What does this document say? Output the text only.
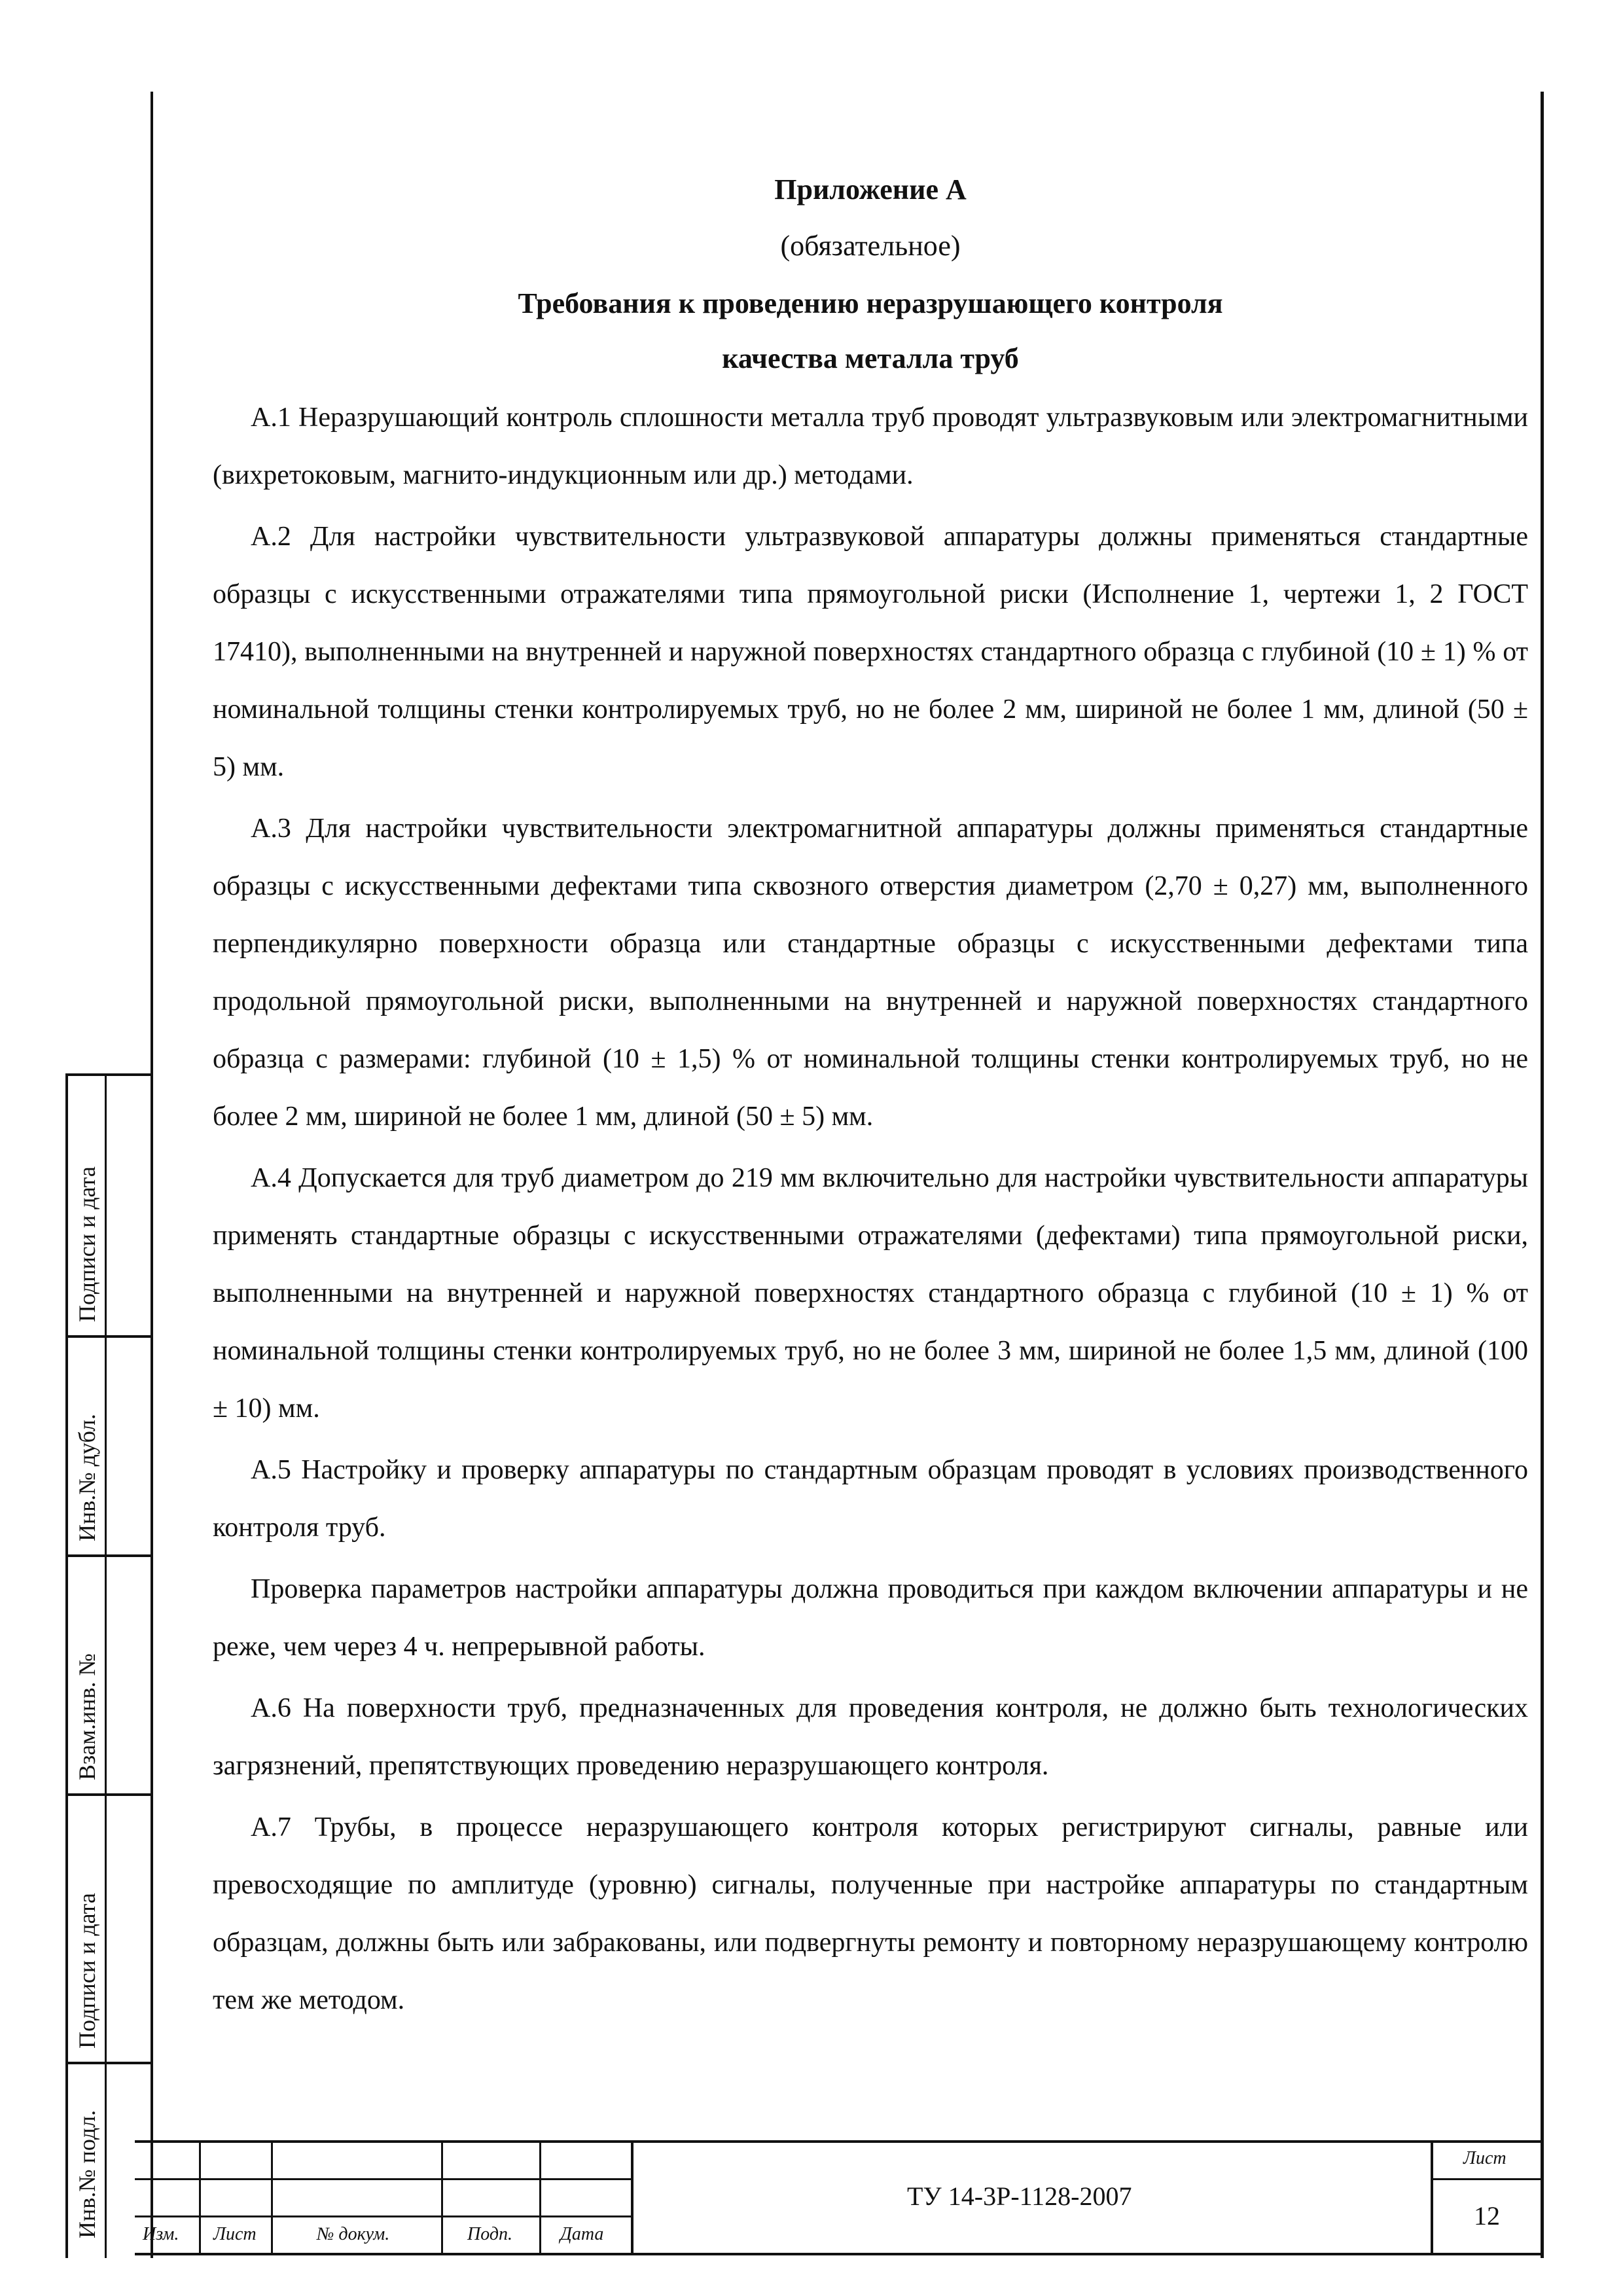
Приложение А
(обязательное)
Требования к проведению неразрушающего контроля
качества металла труб

А.1 Неразрушающий контроль сплошности металла труб проводят ультразвуковым или электромагнитными (вихретоковым, магнито-индукционным или др.) методами.

А.2 Для настройки чувствительности ультразвуковой аппаратуры должны применяться стандартные образцы с искусственными отражателями типа прямоугольной риски (Исполнение 1, чертежи 1, 2 ГОСТ 17410), выполненными на внутренней и наружной поверхностях стандартного образца с глубиной (10 ± 1) % от номинальной толщины стенки контролируемых труб, но не более 2 мм, шириной не более 1 мм, длиной (50 ± 5) мм.

А.3 Для настройки чувствительности электромагнитной аппаратуры должны применяться стандартные образцы с искусственными дефектами типа сквозного отверстия диаметром (2,70 ± 0,27) мм, выполненного перпендикулярно поверхности образца или стандартные образцы с искусственными дефектами типа продольной прямоугольной риски, выполненными на внутренней и наружной поверхностях стандартного образца с размерами: глубиной (10 ± 1,5) % от номинальной толщины стенки контролируемых труб, но не более 2 мм, шириной не более 1 мм, длиной (50 ± 5) мм.

А.4 Допускается для труб диаметром до 219 мм включительно для настройки чувствительности аппаратуры применять стандартные образцы с искусственными отражателями (дефектами) типа прямоугольной риски, выполненными на внутренней и наружной поверхностях стандартного образца с глубиной (10 ± 1) % от номинальной толщины стенки контролируемых труб, но не более 3 мм, шириной не более 1,5 мм, длиной (100 ± 10) мм.

А.5 Настройку и проверку аппаратуры по стандартным образцам проводят в условиях производственного контроля труб.

Проверка параметров настройки аппаратуры должна проводиться при каждом включении аппаратуры и не реже, чем через 4 ч. непрерывной работы.

А.6 На поверхности труб, предназначенных для проведения контроля, не должно быть технологических загрязнений, препятствующих проведению неразрушающего контроля.

А.7 Трубы, в процессе неразрушающего контроля которых регистрируют сигналы, равные или превосходящие по амплитуде (уровню) сигналы, полученные при настройке аппаратуры по стандартным образцам, должны быть или забракованы, или подвергнуты ремонту и повторному неразрушающему контролю тем же методом.

Подписи и дата
Инв.№ дубл.
Взам.инв. №
Подписи и дата
Инв.№ подл. Изм. Лист	№ докум.	Подп.	Дата
ТУ 14-3Р-1128-2007
Лист
12
